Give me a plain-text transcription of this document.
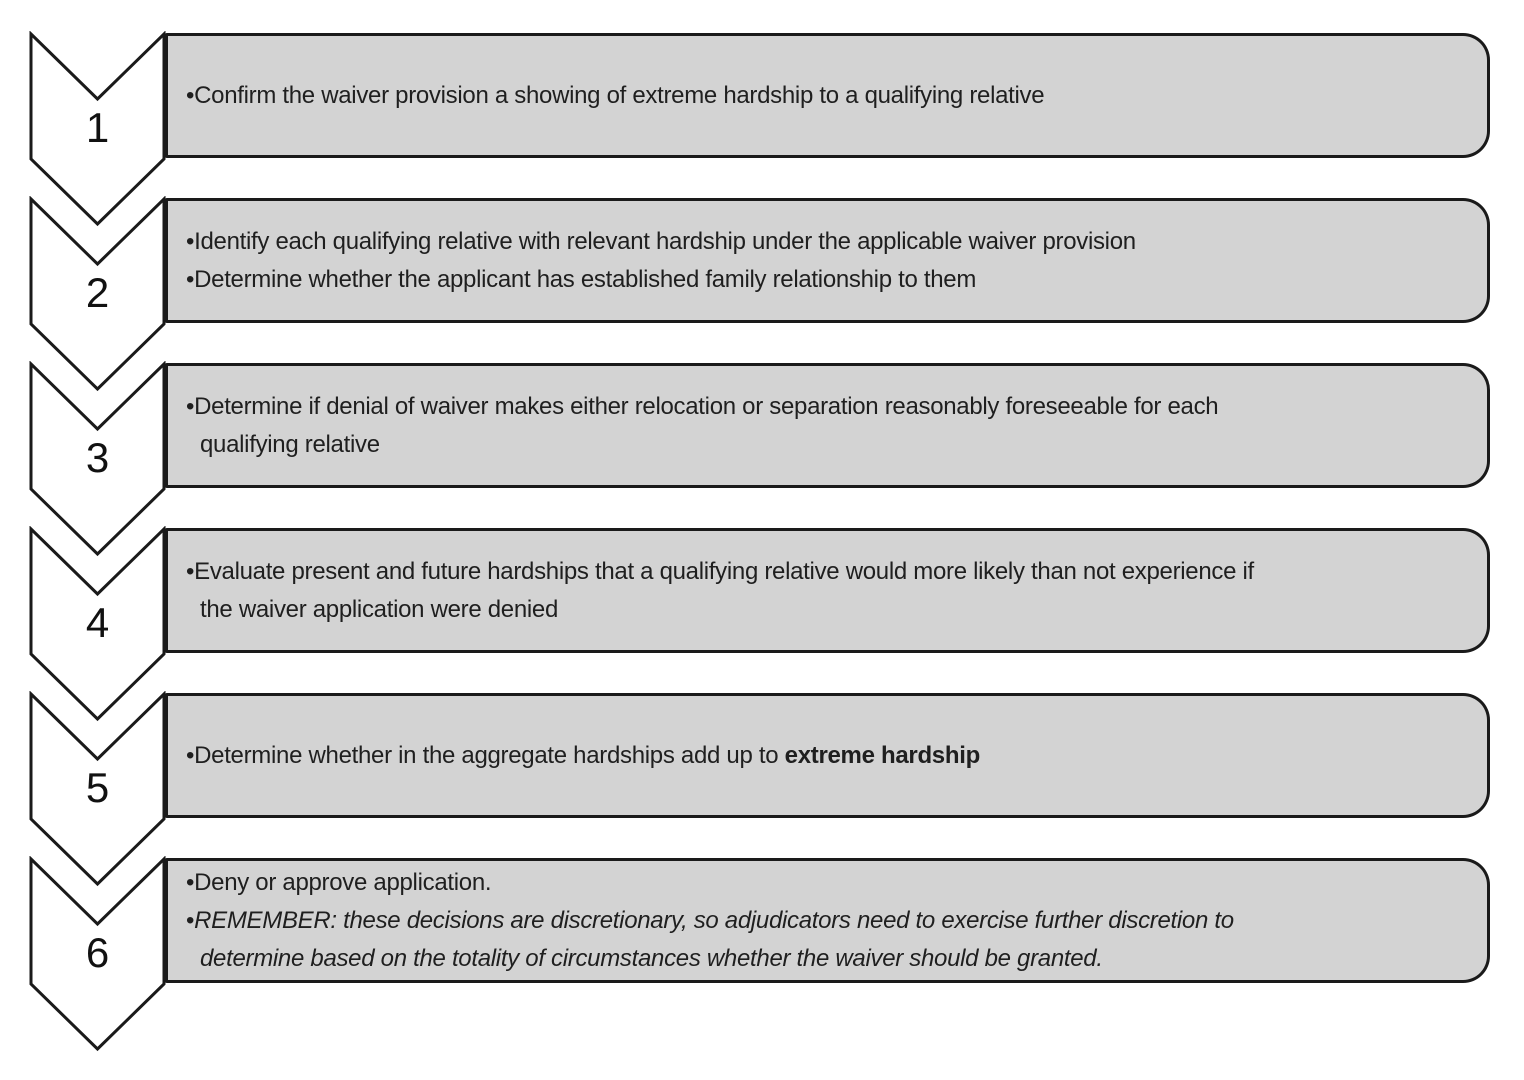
1
•Confirm the waiver provision a showing of extreme hardship to a qualifying relative
2
•Identify each qualifying relative with relevant hardship under the applicable waiver provision
•Determine whether the applicant has established family relationship to them
3
•Determine if denial of waiver makes either relocation or separation reasonably foreseeable for each
qualifying relative
4
•Evaluate present and future hardships that a qualifying relative would more likely than not experience if
the waiver application were denied
5
•Determine whether in the aggregate hardships add up to extreme hardship
6
•Deny or approve application.
•REMEMBER: these decisions are discretionary, so adjudicators need to exercise further discretion to
determine based on the totality of circumstances whether the waiver should be granted.
